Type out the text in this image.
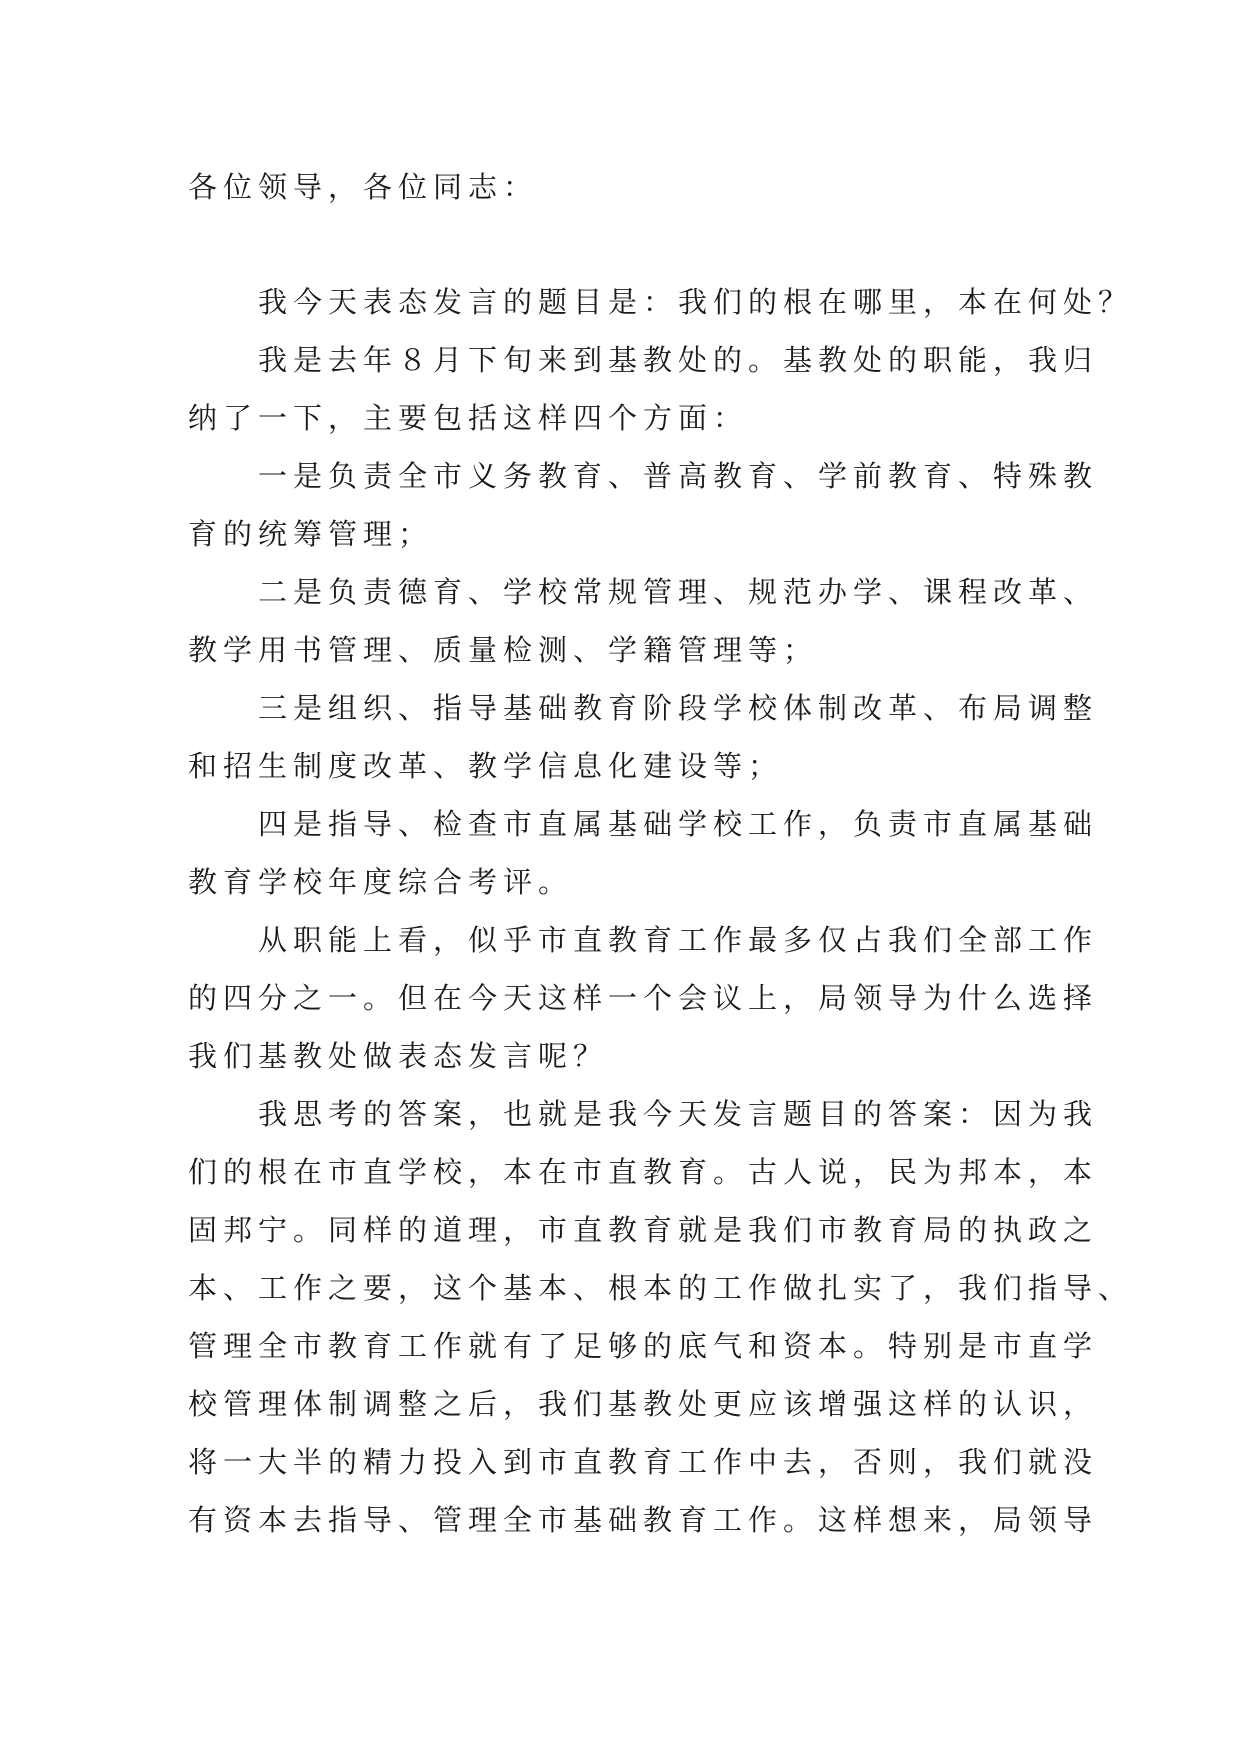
各位领导，各位同志：
我今天表态发言的题目是：我们的根在哪里，本在何处？
我是去年８月下旬来到基教处的。基教处的职能，我归
纳了一下，主要包括这样四个方面：
一是负责全市义务教育、普高教育、学前教育、特殊教
育的统筹管理；
二是负责德育、学校常规管理、规范办学、课程改革、
教学用书管理、质量检测、学籍管理等；
三是组织、指导基础教育阶段学校体制改革、布局调整
和招生制度改革、教学信息化建设等；
四是指导、检查市直属基础学校工作，负责市直属基础
教育学校年度综合考评。
从职能上看，似乎市直教育工作最多仅占我们全部工作
的四分之一。但在今天这样一个会议上，局领导为什么选择
我们基教处做表态发言呢？
我思考的答案，也就是我今天发言题目的答案：因为我
们的根在市直学校，本在市直教育。古人说，民为邦本，本
固邦宁。同样的道理，市直教育就是我们市教育局的执政之
本、工作之要，这个基本、根本的工作做扎实了，我们指导、
管理全市教育工作就有了足够的底气和资本。特别是市直学
校管理体制调整之后，我们基教处更应该增强这样的认识，
将一大半的精力投入到市直教育工作中去，否则，我们就没
有资本去指导、管理全市基础教育工作。这样想来，局领导
